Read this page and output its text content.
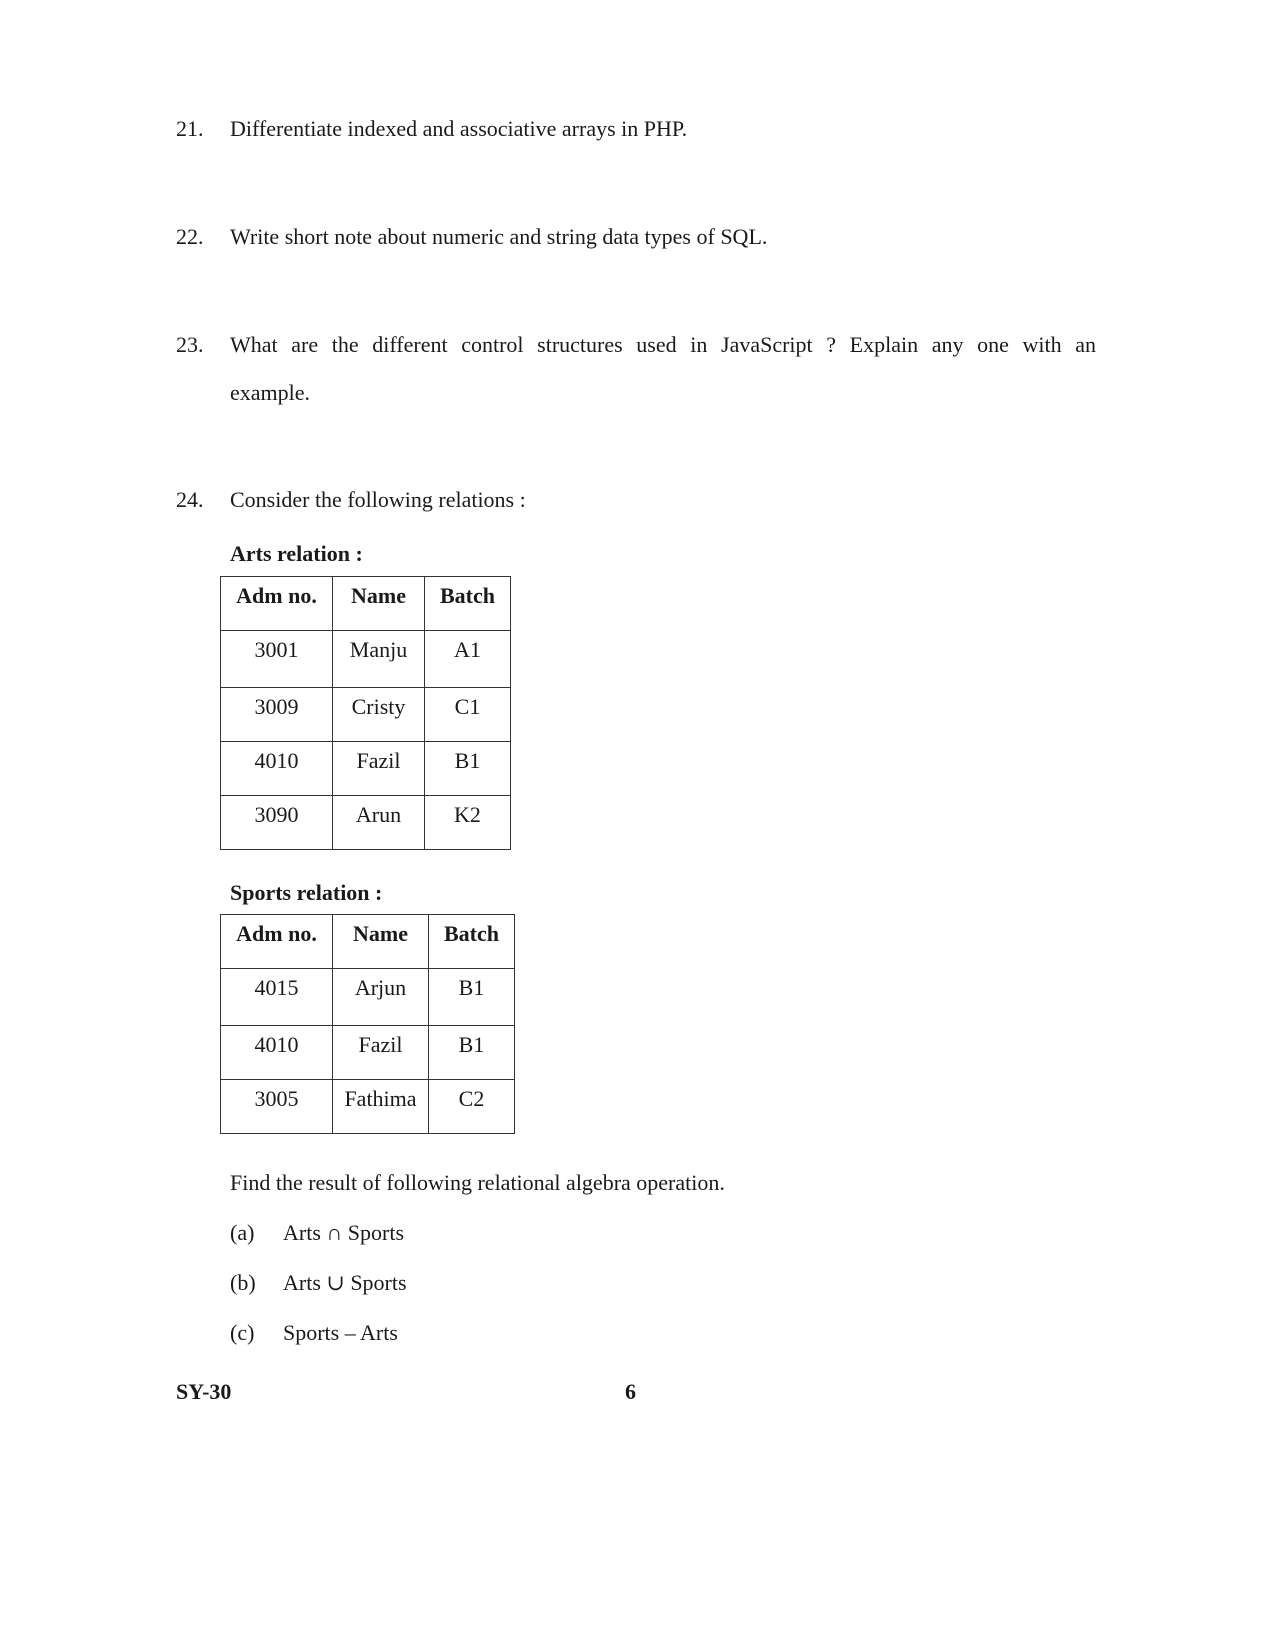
21.	Differentiate indexed and associative arrays in PHP.
22.	Write short note about numeric and string data types of SQL.
23.	What are the different control structures used in JavaScript ? Explain any one with an
example.
24.	Consider the following relations :
Arts relation :
Adm no.	Name	Batch
3001	Manju	A1
3009	Cristy	C1
4010	Fazil	B1
3090	Arun	K2
Sports relation :
Adm no.	Name	Batch
4015	Arjun	B1
4010	Fazil	B1
3005	Fathima	C2
Find the result of following relational algebra operation.
(a)	Arts ∩ Sports
(b)	Arts ∪ Sports
(c)	Sports – Arts
SY-30	6
